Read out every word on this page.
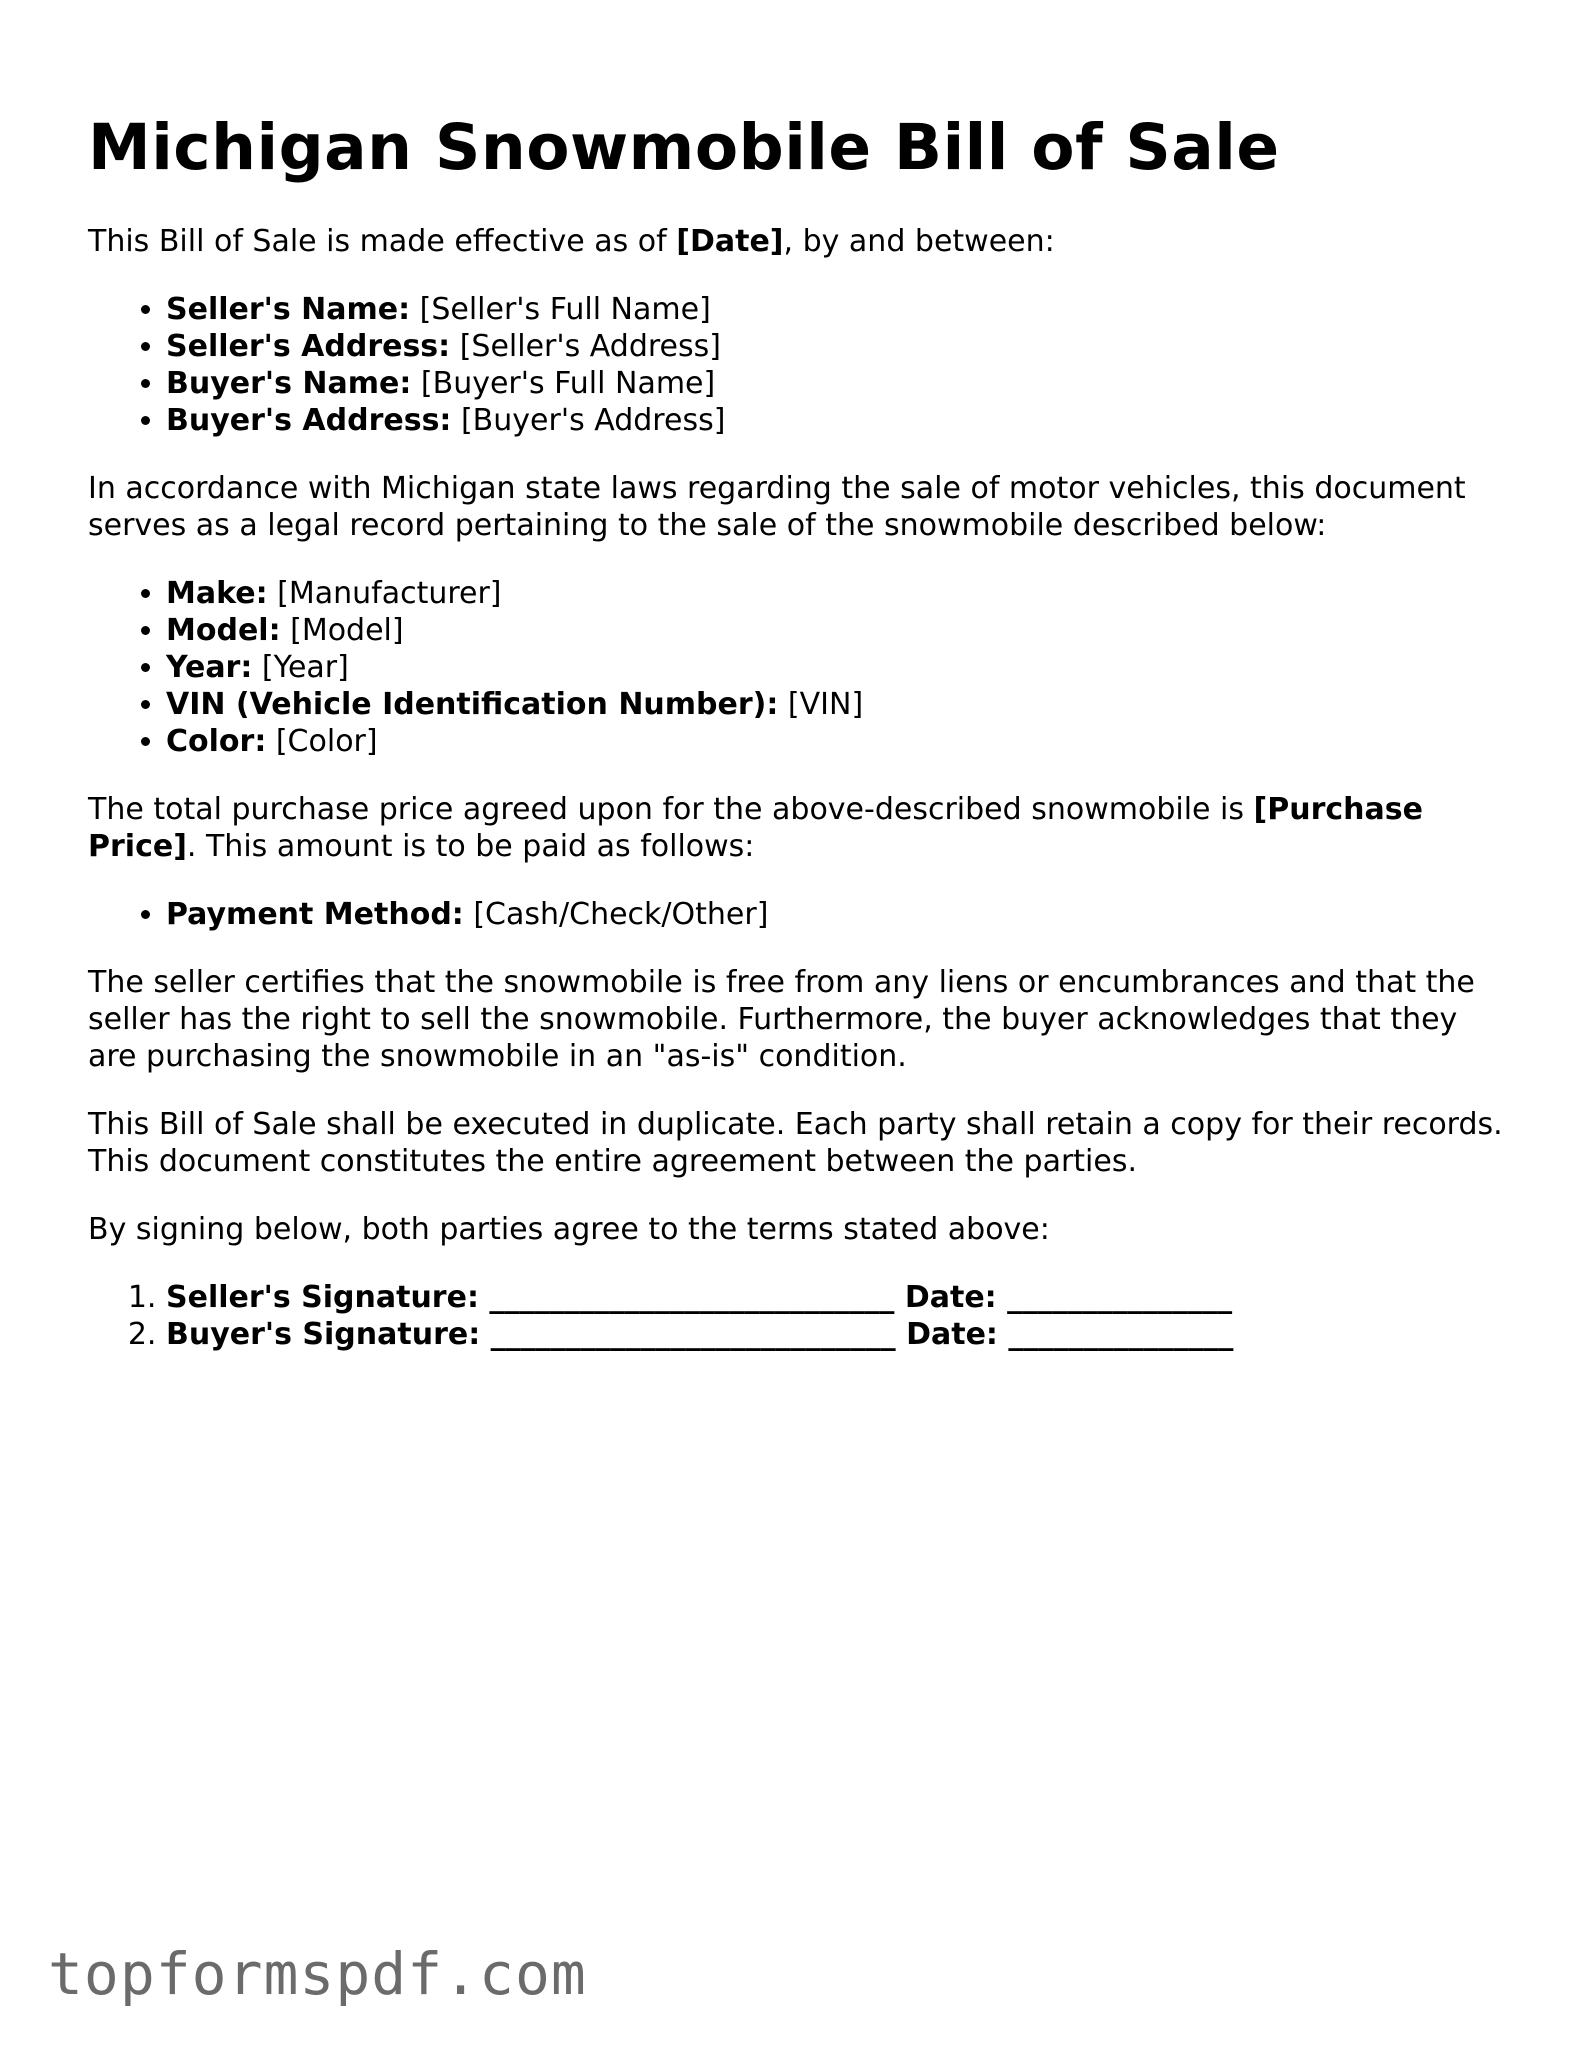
Michigan Snowmobile Bill of Sale

This Bill of Sale is made effective as of [Date], by and between:

• Seller's Name: [Seller's Full Name]
• Seller's Address: [Seller's Address]
• Buyer's Name: [Buyer's Full Name]
• Buyer's Address: [Buyer's Address]

In accordance with Michigan state laws regarding the sale of motor vehicles, this document serves as a legal record pertaining to the sale of the snowmobile described below:

• Make: [Manufacturer]
• Model: [Model]
• Year: [Year]
• VIN (Vehicle Identification Number): [VIN]
• Color: [Color]

The total purchase price agreed upon for the above-described snowmobile is [Purchase Price]. This amount is to be paid as follows:

• Payment Method: [Cash/Check/Other]

The seller certifies that the snowmobile is free from any liens or encumbrances and that the seller has the right to sell the snowmobile. Furthermore, the buyer acknowledges that they are purchasing the snowmobile in an "as-is" condition.

This Bill of Sale shall be executed in duplicate. Each party shall retain a copy for their records. This document constitutes the entire agreement between the parties.

By signing below, both parties agree to the terms stated above:

1. Seller's Signature: ___________________________ Date: _______________
2. Buyer's Signature: ___________________________ Date: _______________
topformspdf.com
